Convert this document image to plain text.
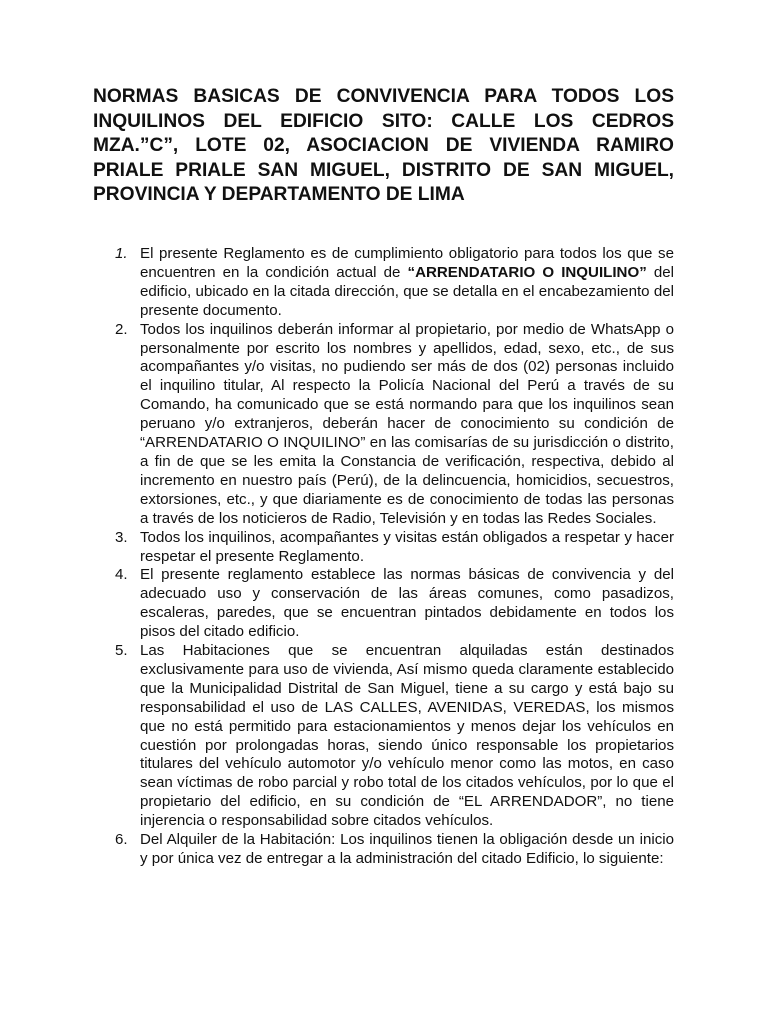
NORMAS BASICAS DE CONVIVENCIA PARA TODOS LOS INQUILINOS DEL EDIFICIO SITO: CALLE LOS CEDROS MZA.”C”, LOTE 02, ASOCIACION DE VIVIENDA RAMIRO PRIALE PRIALE SAN MIGUEL, DISTRITO DE SAN MIGUEL, PROVINCIA Y DEPARTAMENTO DE LIMA
1. El presente Reglamento es de cumplimiento obligatorio para todos los que se encuentren en la condición actual de “ARRENDATARIO O INQUILINO” del edificio, ubicado en la citada dirección, que se detalla en el encabezamiento del presente documento.
2. Todos los inquilinos deberán informar al propietario, por medio de WhatsApp o personalmente por escrito los nombres y apellidos, edad, sexo, etc., de sus acompañantes y/o visitas, no pudiendo ser más de dos (02) personas incluido el inquilino titular, Al respecto la Policía Nacional del Perú a través de su Comando, ha comunicado que se está normando para que los inquilinos sean peruano y/o extranjeros, deberán hacer de conocimiento su condición de “ARRENDATARIO O INQUILINO” en las comisarías de su jurisdicción o distrito, a fin de que se les emita la Constancia de verificación, respectiva, debido al incremento en nuestro país (Perú), de la delincuencia, homicidios, secuestros, extorsiones, etc., y que diariamente es de conocimiento de todas las personas a través de los noticieros de Radio, Televisión y en todas las Redes Sociales.
3. Todos los inquilinos, acompañantes y visitas están obligados a respetar y hacer respetar el presente Reglamento.
4. El presente reglamento establece las normas básicas de convivencia y del adecuado uso y conservación de las áreas comunes, como pasadizos, escaleras, paredes, que se encuentran pintados debidamente en todos los pisos del citado edificio.
5. Las Habitaciones que se encuentran alquiladas están destinados exclusivamente para uso de vivienda, Así mismo queda claramente establecido que la Municipalidad Distrital de San Miguel, tiene a su cargo y está bajo su responsabilidad el uso de LAS CALLES, AVENIDAS, VEREDAS, los mismos que no está permitido para estacionamientos y menos dejar los vehículos en cuestión por prolongadas horas, siendo único responsable los propietarios titulares del vehículo automotor y/o vehículo menor como las motos, en caso sean víctimas de robo parcial y robo total de los citados vehículos, por lo que el propietario del edificio, en su condición de “EL ARRENDADOR”, no tiene injerencia o responsabilidad sobre citados vehículos.
6. Del Alquiler de la Habitación: Los inquilinos tienen la obligación desde un inicio y por única vez de entregar a la administración del citado Edificio, lo siguiente:
